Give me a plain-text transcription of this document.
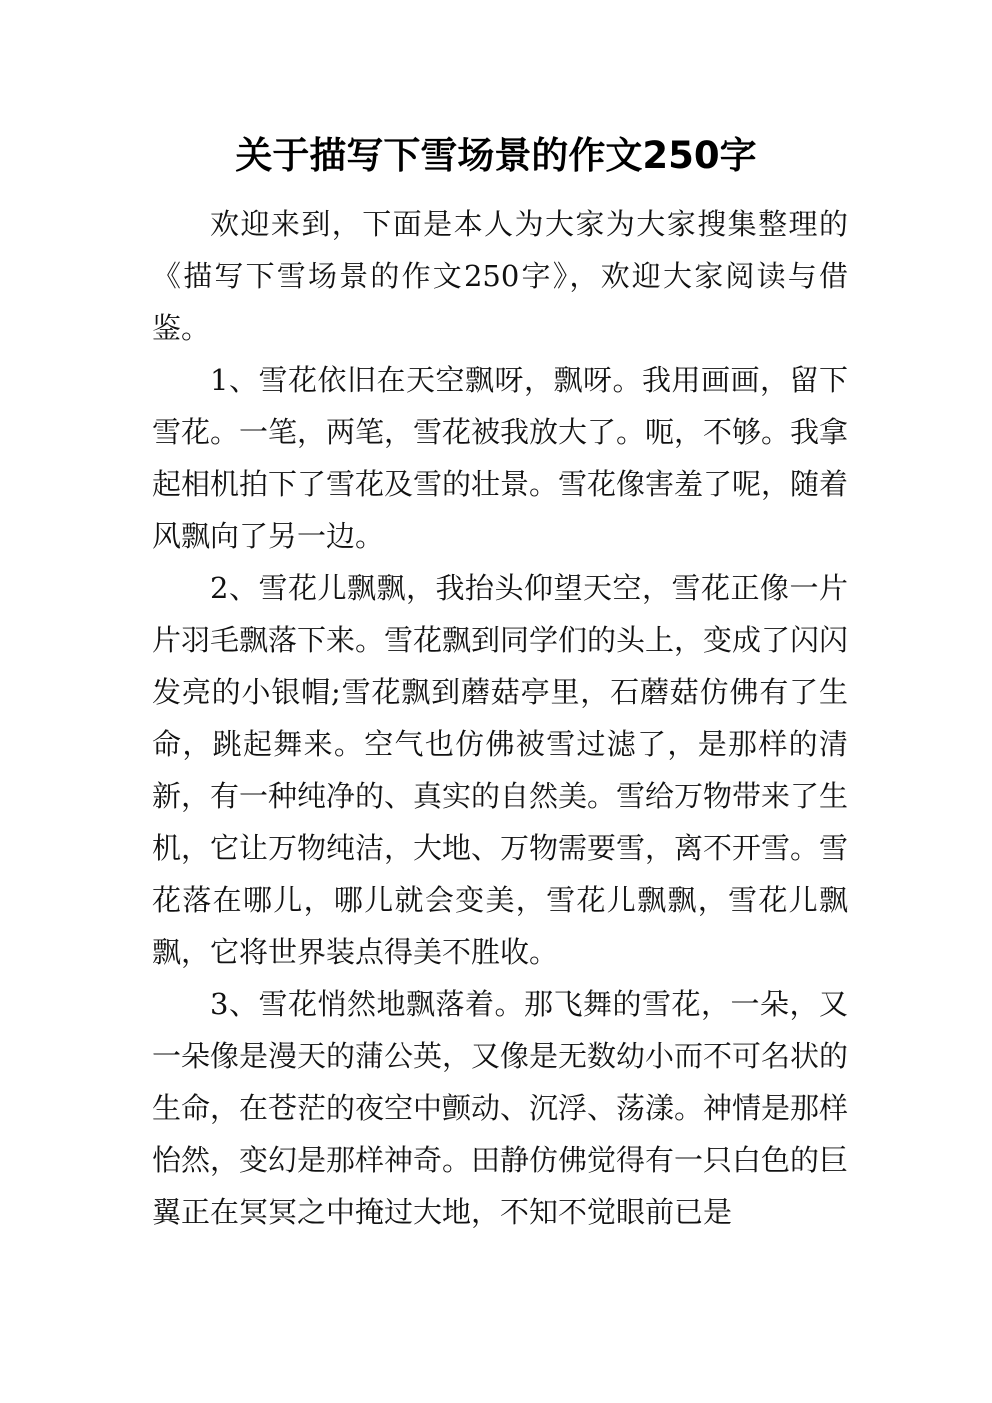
关于描写下雪场景的作文250字

欢迎来到，下面是本人为大家为大家搜集整理的《描写下雪场景的作文250字》，欢迎大家阅读与借鉴。

1、雪花依旧在天空飘呀，飘呀。我用画画，留下雪花。一笔，两笔，雪花被我放大了。呃，不够。我拿起相机拍下了雪花及雪的壮景。雪花像害羞了呢，随着风飘向了另一边。

2、雪花儿飘飘，我抬头仰望天空，雪花正像一片片羽毛飘落下来。雪花飘到同学们的头上，变成了闪闪发亮的小银帽;雪花飘到蘑菇亭里，石蘑菇仿佛有了生命，跳起舞来。空气也仿佛被雪过滤了，是那样的清新，有一种纯净的、真实的自然美。雪给万物带来了生机，它让万物纯洁，大地、万物需要雪，离不开雪。雪花落在哪儿，哪儿就会变美，雪花儿飘飘，雪花儿飘飘，它将世界装点得美不胜收。

3、雪花悄然地飘落着。那飞舞的雪花，一朵，又一朵像是漫天的蒲公英，又像是无数幼小而不可名状的生命，在苍茫的夜空中颤动、沉浮、荡漾。神情是那样怡然，变幻是那样神奇。田静仿佛觉得有一只白色的巨翼正在冥冥之中掩过大地，不知不觉眼前已是
